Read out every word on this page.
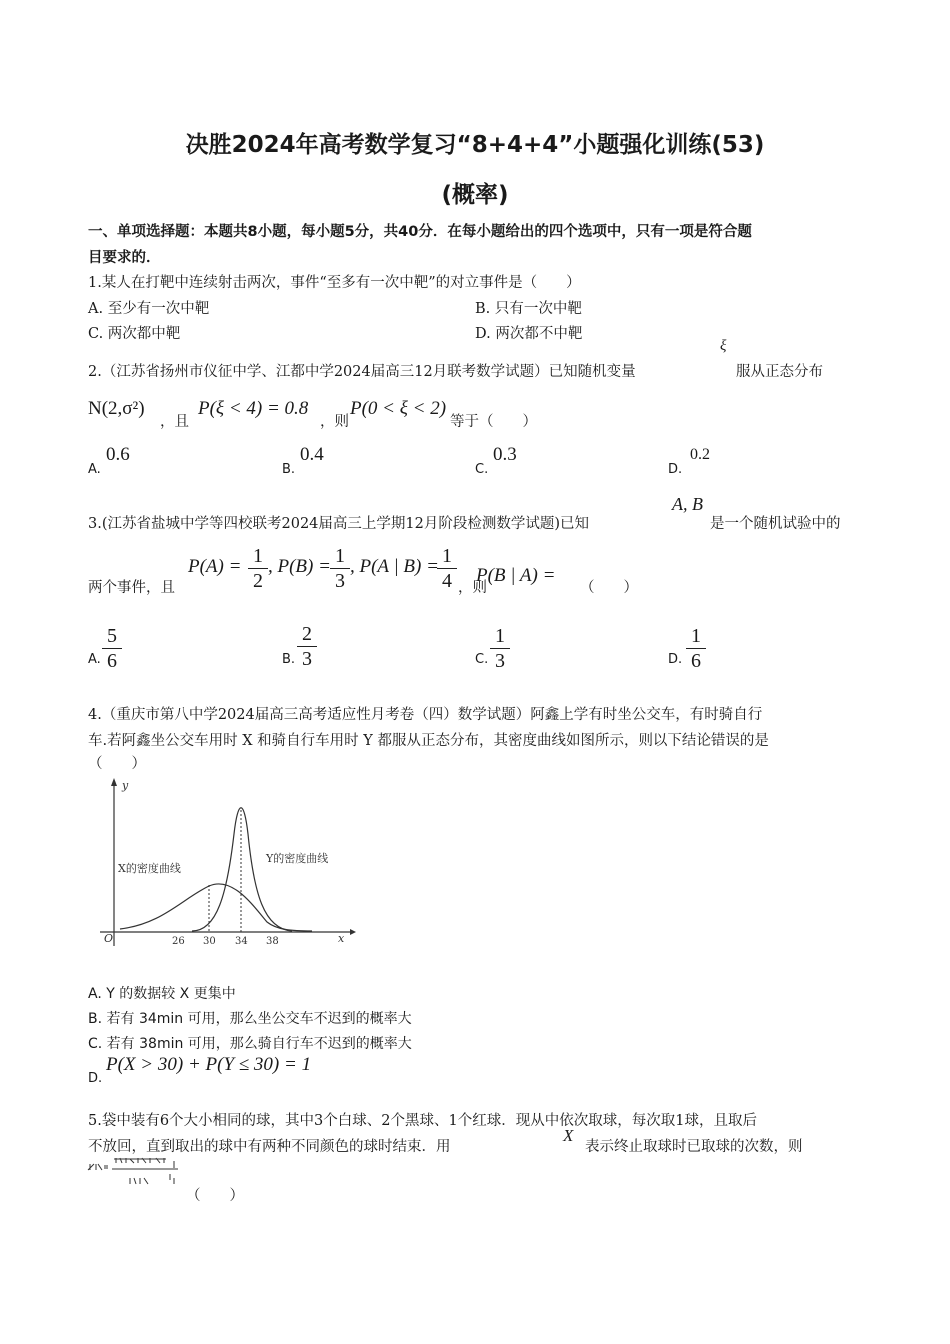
决胜2024年高考数学复习“8+4+4”小题强化训练(53)
(概率)
一、单项选择题：本题共8小题，每小题5分，共40分．在每小题给出的四个选项中，只有一项是符合题
目要求的．
1.某人在打靶中连续射击两次，事件“至多有一次中靶”的对立事件是（　　）
A. 至少有一次中靶	B. 只有一次中靶
C. 两次都中靶	D. 两次都不中靶
2.（江苏省扬州市仪征中学、江都中学2024届高三12月联考数学试题）已知随机变量
ξ
服从正态分布
N(2,σ²)
，且
P(ξ < 4) = 0.8
，则
P(0 < ξ < 2)
等于（　　）
A.
0.6
B.
0.4
C.
0.3
D.
0.2
3.(江苏省盐城中学等四校联考2024届高三上学期12月阶段检测数学试题)已知
A, B
是一个随机试验中的
两个事件，且
P(A) = 1
2
, P(B) = 1
3
, P(A | B) = 1
4 ，则
P(B | A) =
（　　）
A.
5
6	B.
2
3	C.
1
3	D.
1
6
4.（重庆市第八中学2024届高三高考适应性月考卷（四）数学试题）阿鑫上学有时坐公交车，有时骑自行
车.若阿鑫坐公交车用时 X 和骑自行车用时 Y 都服从正态分布，其密度曲线如图所示，则以下结论错误的是
（　　）
y
x
O	26 30 34 38
X的密度曲线
Y的密度曲线
A. Y 的数据较 X 更集中
B. 若有 34min 可用，那么坐公交车不迟到的概率大
C. 若有 38min 可用，那么骑自行车不迟到的概率大
D.
P(X > 30) + P(Y ≤ 30) = 1
5.袋中装有6个大小相同的球，其中3个白球、2个黑球、1个红球．现从中依次取球，每次取1球，且取后
不放回，直到取出的球中有两种不同颜色的球时结束．用
X
表示终止取球时已取球的次数，则
（　　）
